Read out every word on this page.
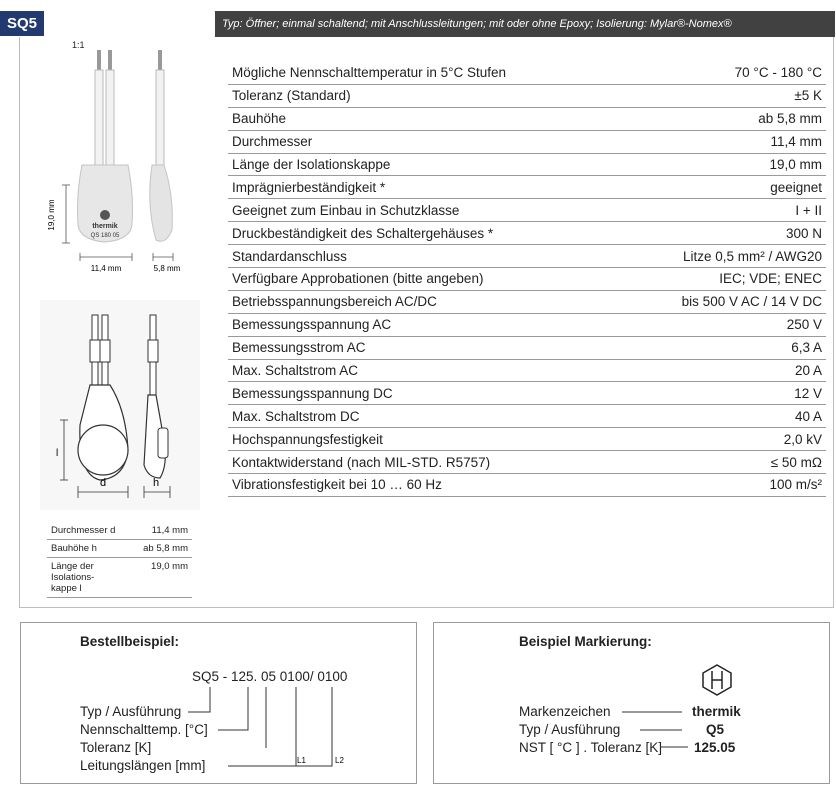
SQ5	Typ: Öffner; einmal schaltend; mit Anschlussleitungen; mit oder ohne Epoxy; Isolierung: Mylar®-Nomex®
1:1
thermik
QS 180 05
19,0 mm
11,4 mm	5,8 mm
l
d	h
Durchmesser d	11,4 mm
Bauhöhe h	ab 5,8 mm
Länge der Isolations-
kappe l	19,0 mm
Mögliche Nennschalttemperatur in 5°C Stufen	70 °C - 180 °C
Toleranz (Standard)	±5 K
Bauhöhe	ab 5,8 mm
Durchmesser	11,4 mm
Länge der Isolationskappe	19,0 mm
Imprägnierbeständigkeit *	geeignet
Geeignet zum Einbau in Schutzklasse	I + II
Druckbeständigkeit des Schaltergehäuses *	300 N
Standardanschluss	Litze 0,5 mm² / AWG20
Verfügbare Approbationen (bitte angeben)	IEC; VDE; ENEC
Betriebsspannungsbereich AC/DC	bis 500 V AC / 14 V DC
Bemessungsspannung AC	250 V
Bemessungsstrom AC	6,3 A
Max. Schaltstrom AC	20 A
Bemessungsspannung DC	12 V
Max. Schaltstrom DC	40 A
Hochspannungsfestigkeit	2,0 kV
Kontaktwiderstand (nach MIL-STD. R5757)	≤ 50 mΩ
Vibrationsfestigkeit bei 10 … 60 Hz	100 m/s²
Bestellbeispiel:
SQ5 - 125. 05 0100/ 0100
Typ / Ausführung
Nennschalttemp. [°C]
Toleranz [K]
Leitungslängen [mm]	L1	L2
Beispiel Markierung:
Markenzeichen
Typ / Ausführung
NST [ °C ] . Toleranz [K]
thermik
Q5
125.05
